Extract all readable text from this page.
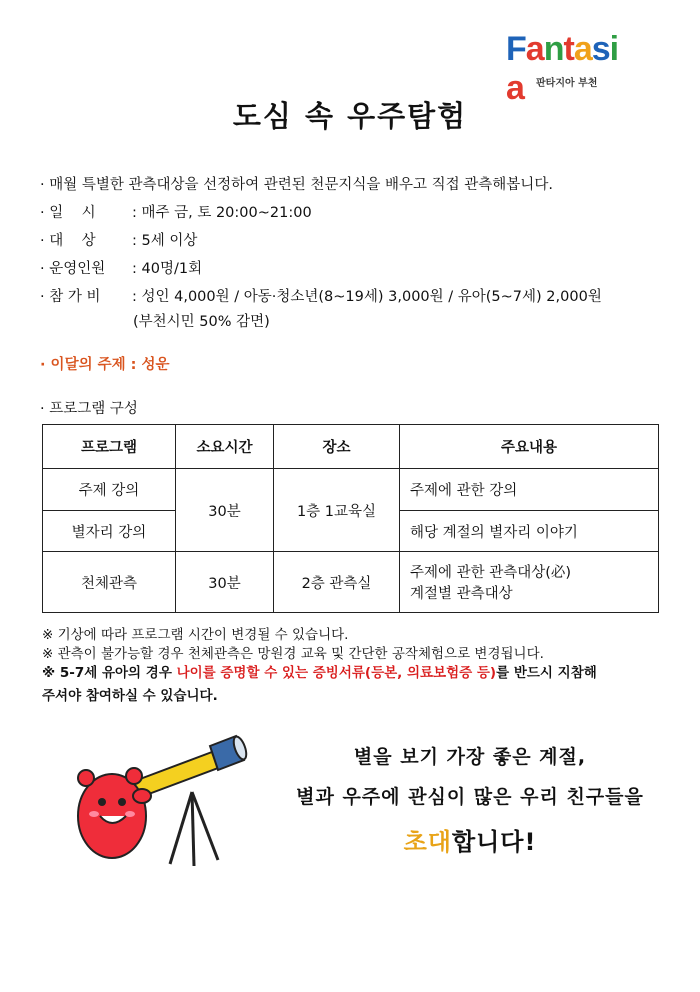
Fantasia	판타지아 부천
도심 속 우주탐험
· 매월 특별한 관측대상을 선정하여 관련된 천문지식을 배우고 직접 관측해봅니다.
· 일    시	: 매주 금, 토 20:00~21:00
· 대    상	: 5세 이상
· 운영인원 : 40명/1회
· 참 가 비 : 성인 4,000원 / 아동·청소년(8~19세) 3,000원 / 유아(5~7세) 2,000원
(부천시민 50% 감면)
· 이달의 주제 : 성운
· 프로그램 구성
프로그램	소요시간	장소	주요내용
주제 강의	30분	1층 1교육실	주제에 관한 강의
별자리 강의			해당 계절의 별자리 이야기
천체관측	30분	2층 관측실	주제에 관한 관측대상(必)
계절별 관측대상
※ 기상에 따라 프로그램 시간이 변경될 수 있습니다.
※ 관측이 불가능할 경우 천체관측은 망원경 교육 및 간단한 공작체험으로 변경됩니다.
※ 5-7세 유아의 경우 나이를 증명할 수 있는 증빙서류(등본, 의료보험증 등)를 반드시 지참해
주셔야 참여하실 수 있습니다.
별을 보기 가장 좋은 계절,
별과 우주에 관심이 많은 우리 친구들을
초대합니다!
